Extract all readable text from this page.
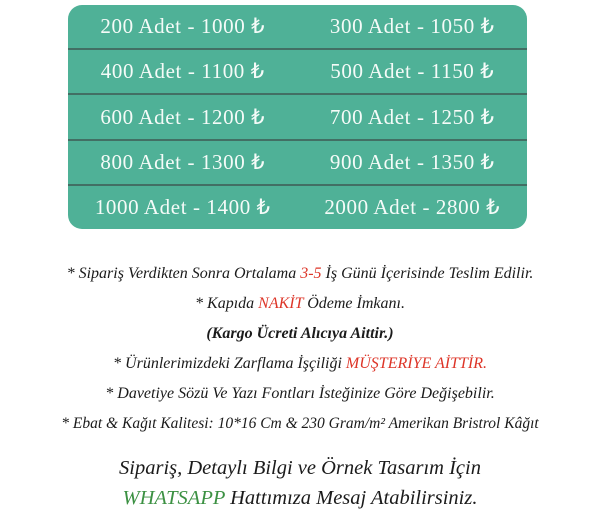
200 Adet - 1000 ₺	300 Adet - 1050 ₺
400 Adet - 1100 ₺	500 Adet - 1150 ₺
600 Adet - 1200 ₺	700 Adet - 1250 ₺
800 Adet - 1300 ₺	900 Adet - 1350 ₺
1000 Adet - 1400 ₺	2000 Adet - 2800 ₺

* Sipariş Verdikten Sonra Ortalama 3-5 İş Günü İçerisinde Teslim Edilir.

* Kapıda NAKİT Ödeme İmkanı.

(Kargo Ücreti Alıcıya Aittir.)

* Ürünlerimizdeki Zarflama İşçiliği MÜŞTERİYE AİTTİR.

* Davetiye Sözü Ve Yazı Fontları İsteğinize Göre Değişebilir.

* Ebat & Kağıt Kalitesi: 10*16 Cm & 230 Gram/m² Amerikan Bristrol Kâğıt

Sipariş, Detaylı Bilgi ve Örnek Tasarım İçin

WHATSAPP Hattımıza Mesaj Atabilirsiniz.
